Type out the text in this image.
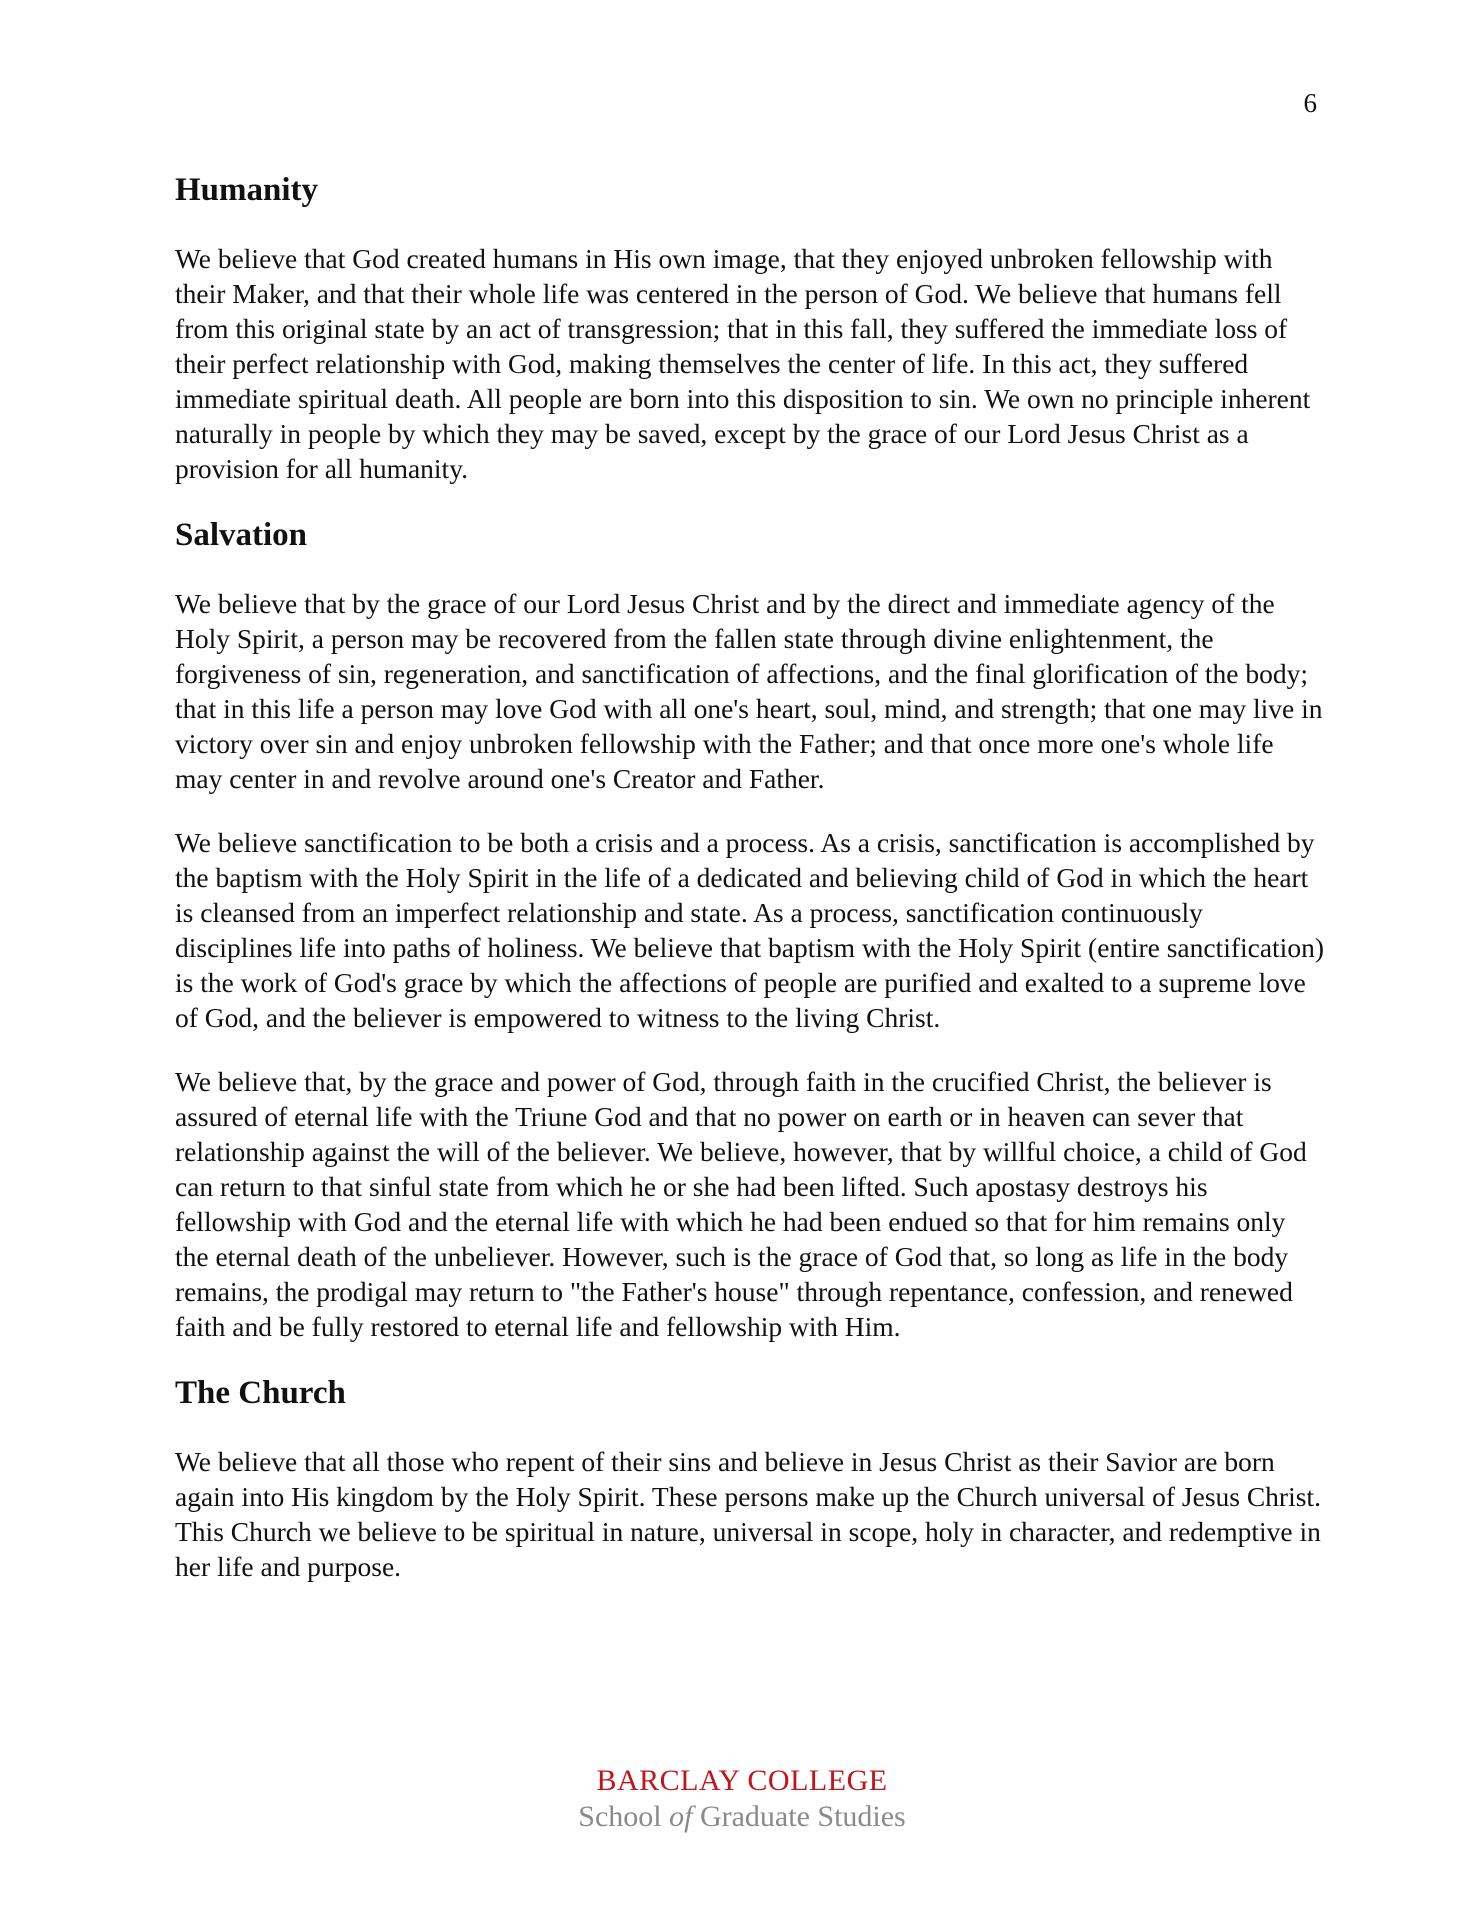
6
Humanity

We believe that God created humans in His own image, that they enjoyed unbroken fellowship with their Maker, and that their whole life was centered in the person of God. We believe that humans fell from this original state by an act of transgression; that in this fall, they suffered the immediate loss of their perfect relationship with God, making themselves the center of life. In this act, they suffered immediate spiritual death. All people are born into this disposition to sin. We own no principle inherent naturally in people by which they may be saved, except by the grace of our Lord Jesus Christ as a provision for all humanity.

Salvation

We believe that by the grace of our Lord Jesus Christ and by the direct and immediate agency of the Holy Spirit, a person may be recovered from the fallen state through divine enlightenment, the forgiveness of sin, regeneration, and sanctification of affections, and the final glorification of the body; that in this life a person may love God with all one's heart, soul, mind, and strength; that one may live in victory over sin and enjoy unbroken fellowship with the Father; and that once more one's whole life may center in and revolve around one's Creator and Father.

We believe sanctification to be both a crisis and a process. As a crisis, sanctification is accomplished by the baptism with the Holy Spirit in the life of a dedicated and believing child of God in which the heart is cleansed from an imperfect relationship and state. As a process, sanctification continuously disciplines life into paths of holiness. We believe that baptism with the Holy Spirit (entire sanctification) is the work of God's grace by which the affections of people are purified and exalted to a supreme love of God, and the believer is empowered to witness to the living Christ.

We believe that, by the grace and power of God, through faith in the crucified Christ, the believer is assured of eternal life with the Triune God and that no power on earth or in heaven can sever that relationship against the will of the believer. We believe, however, that by willful choice, a child of God can return to that sinful state from which he or she had been lifted. Such apostasy destroys his fellowship with God and the eternal life with which he had been endued so that for him remains only the eternal death of the unbeliever. However, such is the grace of God that, so long as life in the body remains, the prodigal may return to "the Father's house" through repentance, confession, and renewed faith and be fully restored to eternal life and fellowship with Him.

The Church

We believe that all those who repent of their sins and believe in Jesus Christ as their Savior are born again into His kingdom by the Holy Spirit. These persons make up the Church universal of Jesus Christ. This Church we believe to be spiritual in nature, universal in scope, holy in character, and redemptive in her life and purpose.

BARCLAY COLLEGE
School of Graduate Studies
